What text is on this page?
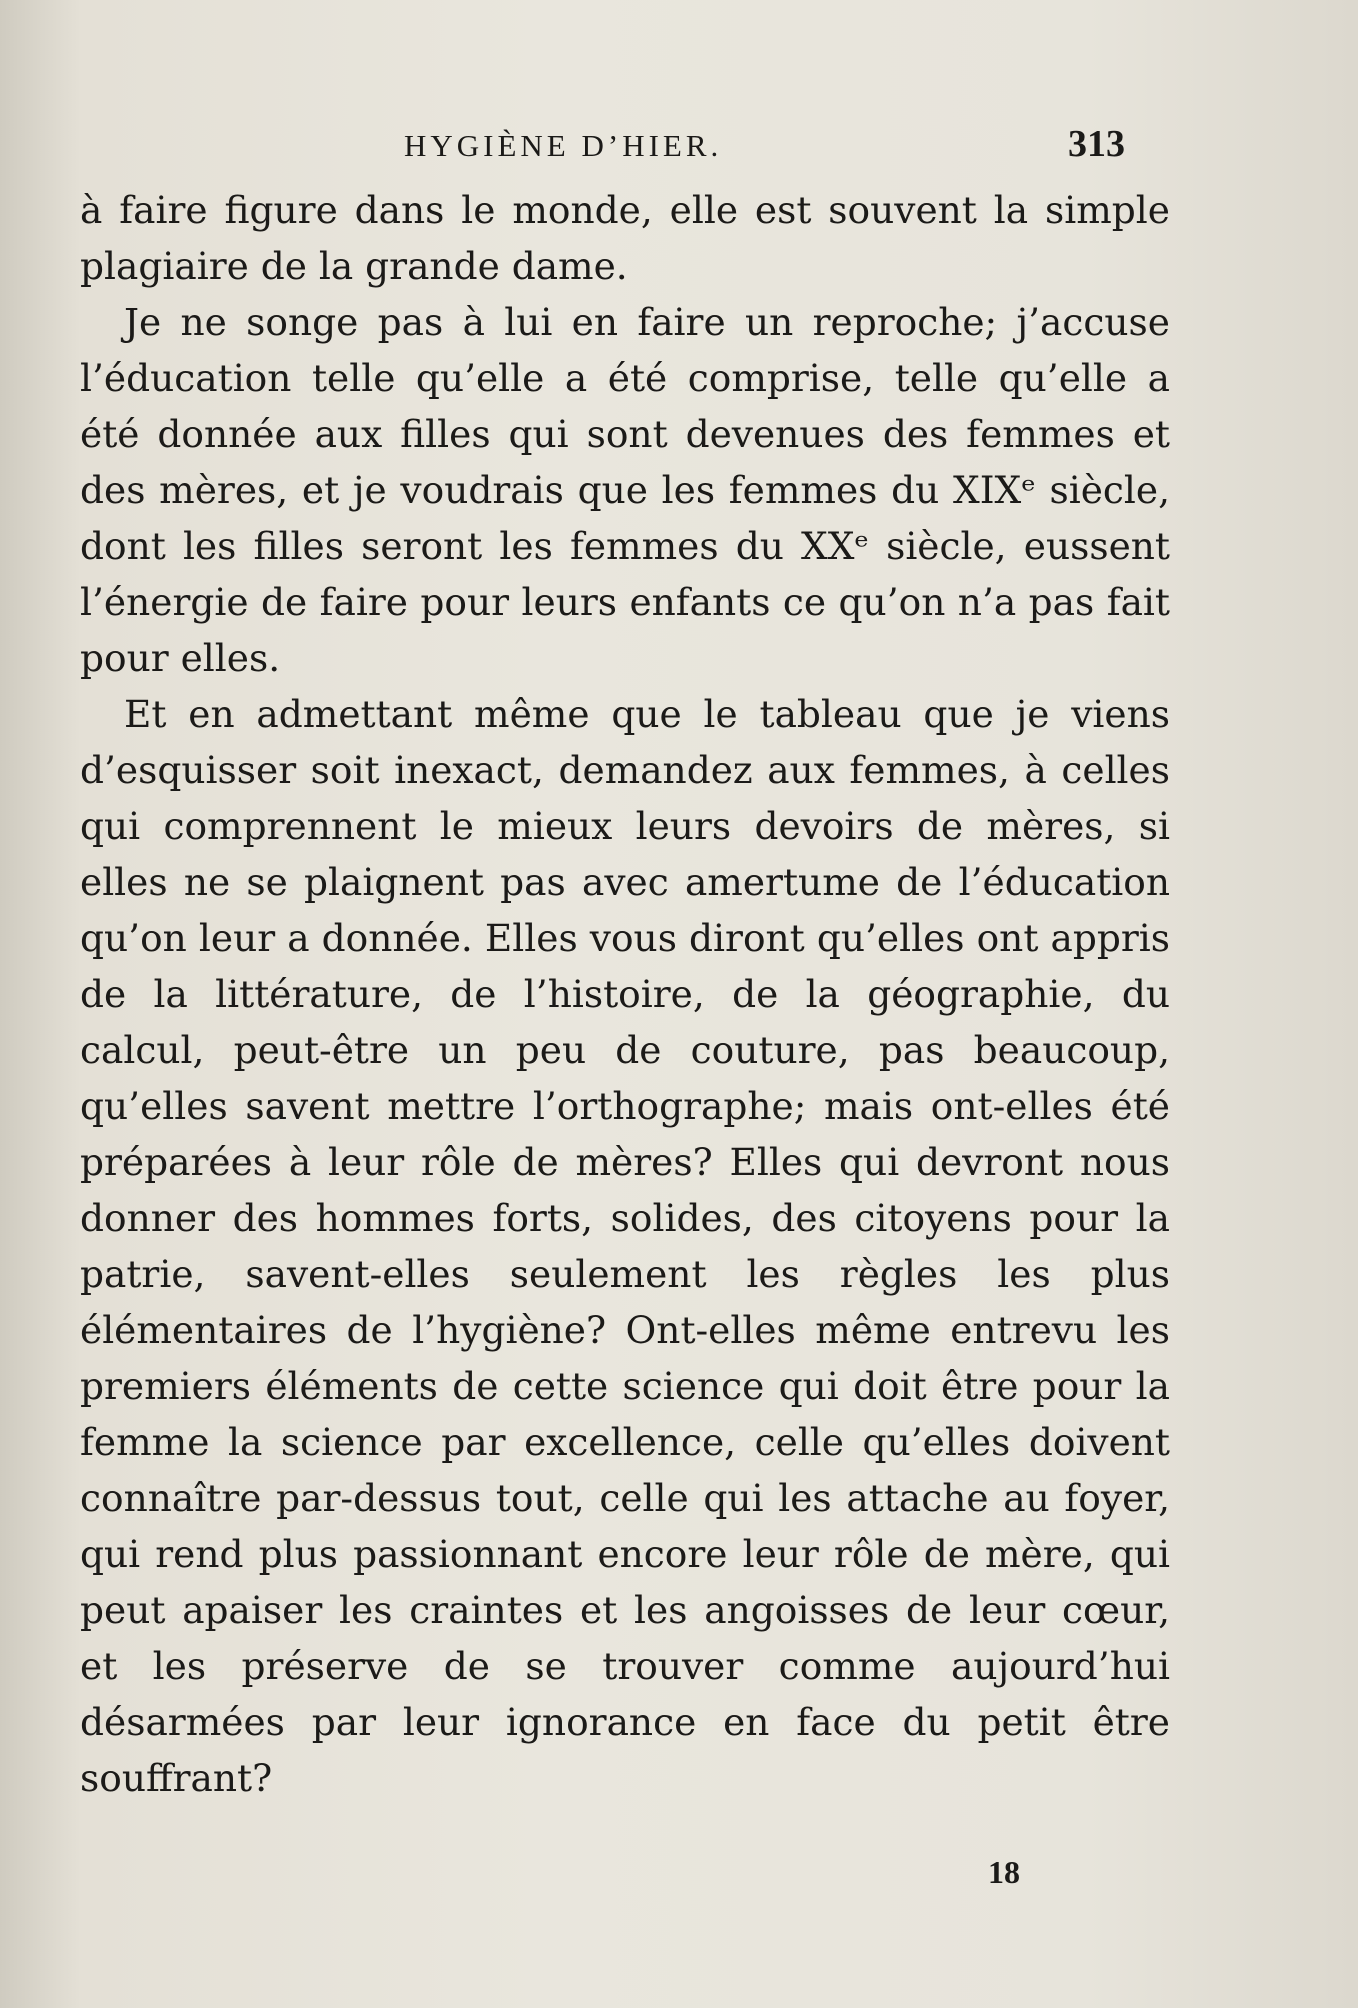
HYGIÈNE D’HIER.	313

à faire figure dans le monde, elle est souvent la simple plagiaire de la grande dame.

Je ne songe pas à lui en faire un reproche; j’accuse l’éducation telle qu’elle a été comprise, telle qu’elle a été donnée aux filles qui sont devenues des femmes et des mères, et je voudrais que les femmes du XIXᵉ siècle, dont les filles seront les femmes du XXᵉ siècle, eussent l’énergie de faire pour leurs enfants ce qu’on n’a pas fait pour elles.

Et en admettant même que le tableau que je viens d’esquisser soit inexact, demandez aux femmes, à celles qui comprennent le mieux leurs devoirs de mères, si elles ne se plaignent pas avec amertume de l’éducation qu’on leur a donnée. Elles vous diront qu’elles ont appris de la littérature, de l’histoire, de la géographie, du calcul, peut-être un peu de couture, pas beaucoup, qu’elles savent mettre l’orthographe; mais ont-elles été préparées à leur rôle de mères? Elles qui devront nous donner des hommes forts, solides, des citoyens pour la patrie, savent-elles seulement les règles les plus élémentaires de l’hygiène? Ont-elles même entrevu les premiers éléments de cette science qui doit être pour la femme la science par excellence, celle qu’elles doivent connaître par-dessus tout, celle qui les attache au foyer, qui rend plus passionnant encore leur rôle de mère, qui peut apaiser les craintes et les angoisses de leur cœur, et les préserve de se trouver comme aujourd’hui désarmées par leur ignorance en face du petit être souffrant?

18
